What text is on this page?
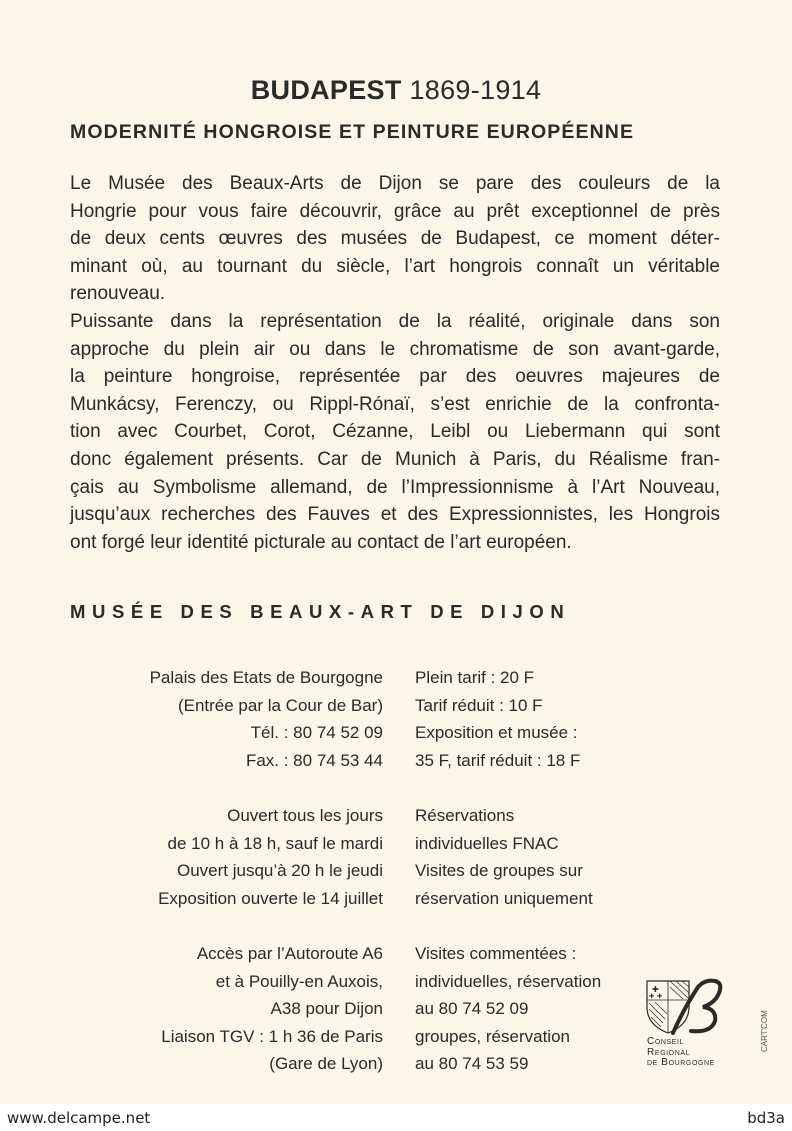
BUDAPEST 1869-1914
MODERNITÉ HONGROISE ET PEINTURE EUROPÉENNE

Le Musée des Beaux-Arts de Dijon se pare des couleurs de la
Hongrie pour vous faire découvrir, grâce au prêt exceptionnel de près
de deux cents œuvres des musées de Budapest, ce moment déter-
minant où, au tournant du siècle, l’art hongrois connaît un véritable
renouveau.

Puissante dans la représentation de la réalité, originale dans son
approche du plein air ou dans le chromatisme de son avant-garde,
la peinture hongroise, représentée par des oeuvres majeures de
Munkácsy, Ferenczy, ou Rippl-Rónaï, s’est enrichie de la confronta-
tion avec Courbet, Corot, Cézanne, Leibl ou Liebermann qui sont
donc également présents. Car de Munich à Paris, du Réalisme fran-
çais au Symbolisme allemand, de l’Impressionnisme à l’Art Nouveau,
jusqu’aux recherches des Fauves et des Expressionnistes, les Hongrois
ont forgé leur identité picturale au contact de l’art européen.

MUSÉE DES BEAUX-ART DE DIJON
Palais des Etats de Bourgogne
(Entrée par la Cour de Bar)
Tél. : 80 74 52 09
Fax. : 80 74 53 44
Plein tarif : 20 F
Tarif réduit : 10 F
Exposition et musée :
35 F, tarif réduit : 18 F
Ouvert tous les jours
de 10 h à 18 h, sauf le mardi
Ouvert jusqu’à 20 h le jeudi
Exposition ouverte le 14 juillet
Réservations
individuelles FNAC
Visites de groupes sur
réservation uniquement
Accès par l’Autoroute A6
et à Pouilly-en Auxois,
A38 pour Dijon
Liaison TGV : 1 h 36 de Paris
(Gare de Lyon)
Visites commentées :
individuelles, réservation
au 80 74 52 09
groupes, réservation
au 80 74 53 59
✚
✚ ✚
Conseil
Regional
de Bourgogne
CART'COM
www.delcampe.net	bd3a
